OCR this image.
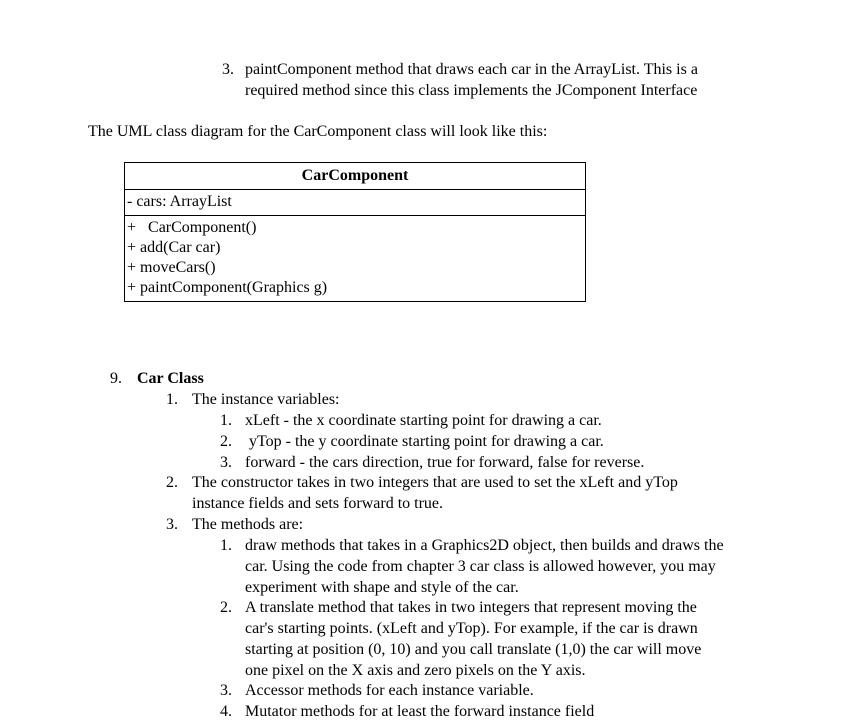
3. paintComponent method that draws each car in the ArrayList. This is a
required method since this class implements the JComponent Interface
The UML class diagram for the CarComponent class will look like this:
CarComponent
- cars: ArrayList
+   CarComponent()
+ add(Car car)
+ moveCars()
+ paintComponent(Graphics g)
9. Car Class
1. The instance variables:
1. xLeft - the x coordinate starting point for drawing a car.
2. yTop - the y coordinate starting point for drawing a car.
3. forward - the cars direction, true for forward, false for reverse.
2. The constructor takes in two integers that are used to set the xLeft and yTop
instance fields and sets forward to true.
3. The methods are:
1. draw methods that takes in a Graphics2D object, then builds and draws the
car. Using the code from chapter 3 car class is allowed however, you may
experiment with shape and style of the car.
2. A translate method that takes in two integers that represent moving the
car's starting points. (xLeft and yTop). For example, if the car is drawn
starting at position (0, 10) and you call translate (1,0) the car will move
one pixel on the X axis and zero pixels on the Y axis.
3. Accessor methods for each instance variable.
4. Mutator methods for at least the forward instance field
